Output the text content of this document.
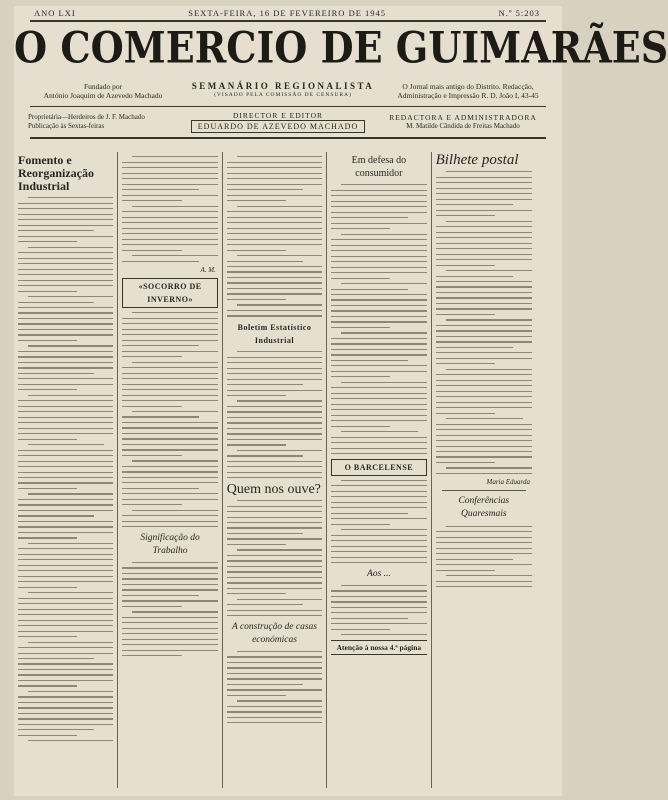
ANO LXI	SEXTA-FEIRA, 16 DE FEVEREIRO DE 1945	N.º 5:203
O COMERCIO DE GUIMARÃES
Fundado por
António Joaquim de Azevedo Machado
SEMANÁRIO REGIONALISTA
(VISADO PELA COMISSÃO DE CENSURA)
O Jornal mais antigo do Distrito. Redacção,
Administração e Impressão R. D. João I, 43-45
Proprietária—Herdeiros de J. F. Machado
Publicação às Sextas-feiras
DIRECTOR E EDITOR
EDUARDO DE AZEVEDO MACHADO
REDACTORA E ADMINISTRADORA
M. Matilde Cândida de Freitas Machado
Fomento e Reorganização Industrial
A. M.
«SOCORRO DE INVERNO»
Significação do Trabalho
Boletim Estatístico Industrial
Quem nos ouve?
A construção de casas económicas
Em defesa do consumidor
O BARCELENSE
Aos ...
Atenção à nossa 4.ª página
Bilhete postal
Maria Eduarda
Conferências Quaresmais
